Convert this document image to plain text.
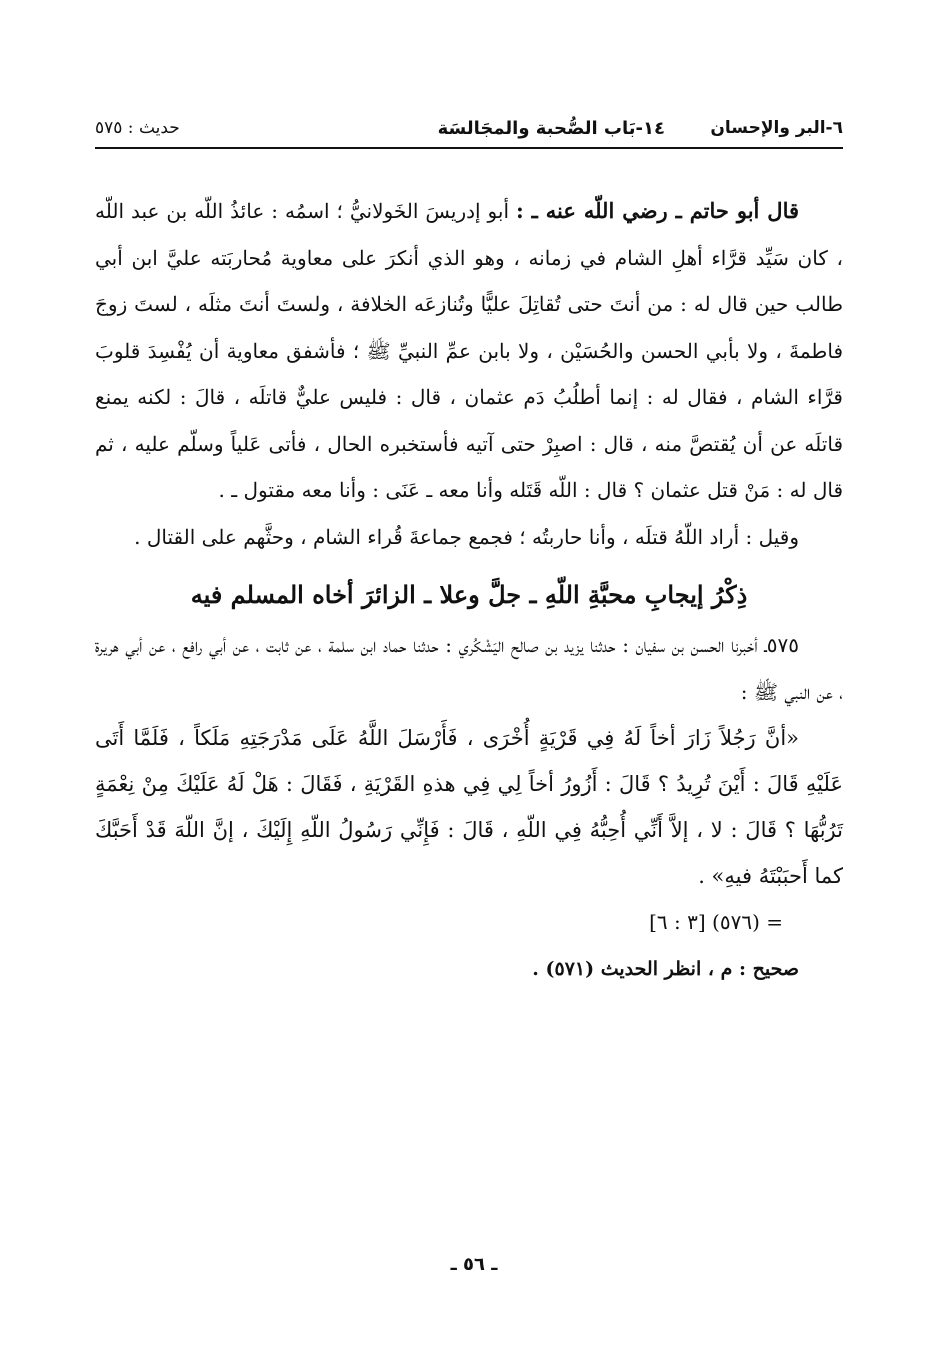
٦-البر والإحسان
١٤-بَاب الصُّحبة والمجَالسَة
حديث : ٥٧٥

قال أبو حاتم ـ رضي اللّه عنه ـ : أبو إدريسَ الخَولانيُّ ؛ اسمُه : عائذُ اللّه بن عبد اللّه ، كان سَيِّد قرَّاء أهلِ الشام في زمانه ، وهو الذي أنكرَ على معاوية مُحاربَته عليَّ ابن أبي طالب حين قال له : من أنتَ حتى تُقاتِلَ عليًّا وتُنازعَه الخلافة ، ولستَ أنتَ مثلَه ، لستَ زوجَ فاطمةَ ، ولا بأبي الحسن والحُسَيْن ، ولا بابن عمِّ النبيِّ ﷺ ؛ فأشفق معاوية أن يُفْسِدَ قلوبَ قرَّاء الشام ، فقال له : إنما أطلُبُ دَم عثمان ، قال : فليس عليٌّ قاتلَه ، قالَ : لكنه يمنع قاتلَه عن أن يُقتصَّ منه ، قال : اصبِرْ حتى آتيه فأستخبره الحال ، فأتى عَلياً وسلّم عليه ، ثم قال له : مَنْ قتل عثمان ؟ قال : اللّه قَتَله وأنا معه ـ عَنَى : وأنا معه مقتول ـ .

وقيل : أراد اللّهُ قتلَه ، وأنا حاربتُه ؛ فجمع جماعةَ قُراء الشام ، وحثَّهم على القتال .

ذِكْرُ إيجابِ محبَّةِ اللّهِ ـ جلَّ وعلا ـ الزائرَ أخاه المسلم فيه

٥٧٥ـ أخبرنا الحسن بن سفيان : حدثنا يزيد بن صالح اليَشْكُري : حدثنا حماد ابن سلمة ، عن ثابت ، عن أبي رافع ، عن أبي هريرة ، عن النبي ﷺ :

«أنَّ رَجُلاً زَارَ أخاً لَهُ فِي قَرْيَةٍ أُخْرَى ، فَأَرْسَلَ اللَّهُ عَلَى مَدْرَجَتِهِ مَلَكاً ، فَلَمَّا أَتَى عَلَيْهِ قَالَ : أَيْنَ تُرِيدُ ؟ قَالَ : أَزُورُ أخاً لِي فِي هذهِ القَرْيَةِ ، فَقَالَ : هَلْ لَهُ عَلَيْكَ مِنْ نِعْمَةٍ تَرُبُّهَا ؟ قَالَ : لا ، إلاَّ أَنِّي أُحِبُّهُ فِي اللّهِ ، قَالَ : فَإِنِّي رَسُولُ اللّهِ إِلَيْكَ ، إنَّ اللّهَ قَدْ أَحَبَّكَ كما أَحبَبْتَهُ فيهِ» .

= (٥٧٦) [٣ : ٦]

صحيح : م ، انظر الحديث (٥٧١) .

ـ ٥٦ ـ
